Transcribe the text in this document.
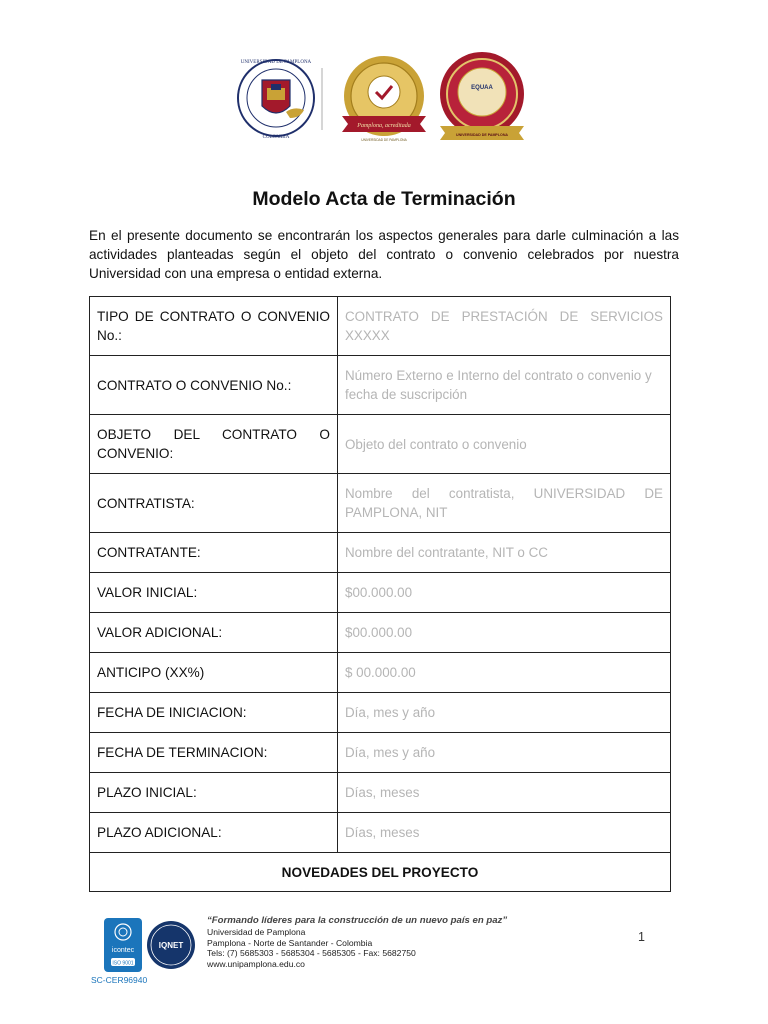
UNIVERSIDAD DE PAMPLONA
COLOMBIA
Pamplona, acreditada
UNIVERSIDAD DE PAMPLONA
EQUAA
UNIVERSIDAD DE PAMPLONA
Modelo Acta de Terminación
En el presente documento se encontrarán los aspectos generales para darle culminación a las actividades planteadas según el objeto del contrato o convenio celebrados por nuestra Universidad con una empresa o entidad externa.
TIPO DE CONTRATO O CONVENIO No.:	CONTRATO DE PRESTACIÓN DE SERVICIOS XXXXX
CONTRATO O CONVENIO No.:	Número Externo e Interno del contrato o convenio y fecha de suscripción
OBJETO DEL CONTRATO O CONVENIO:	Objeto del contrato o convenio
CONTRATISTA:	Nombre del contratista, UNIVERSIDAD DE PAMPLONA, NIT
CONTRATANTE:	Nombre del contratante, NIT o CC
VALOR INICIAL:	$00.000.00
VALOR ADICIONAL:	$00.000.00
ANTICIPO (XX%)	$ 00.000.00
FECHA DE INICIACION:	Día, mes y año
FECHA DE TERMINACION:	Día, mes y año
PLAZO INICIAL:	Días, meses
PLAZO ADICIONAL:	Días, meses
NOVEDADES DEL PROYECTO	
icontec
ISO 9001
IQNET
SC-CER96940
“Formando líderes para la construcción de un nuevo país en paz”
Universidad de Pamplona
Pamplona - Norte de Santander - Colombia
Tels: (7) 5685303 - 5685304 - 5685305 - Fax: 5682750
www.unipamplona.edu.co
1
